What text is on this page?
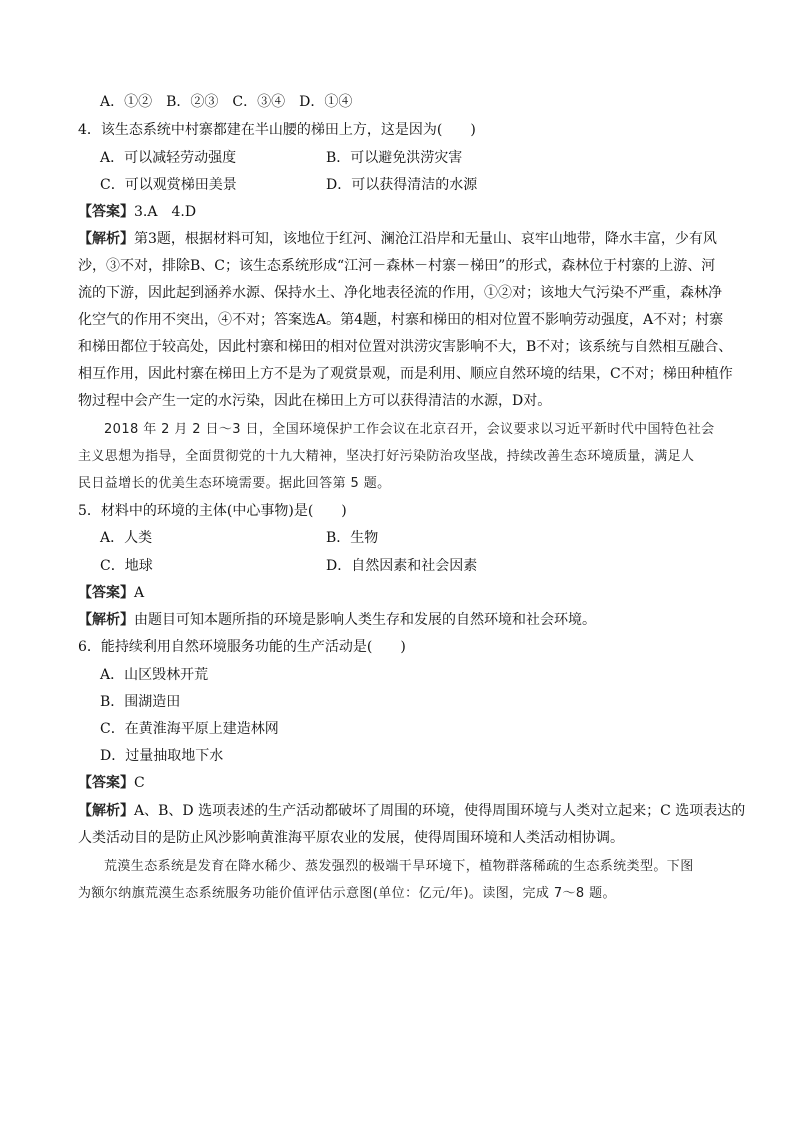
A．①②　B．②③　C．③④　D．①④
4．该生态系统中村寨都建在半山腰的梯田上方，这是因为(　　)
A．可以减轻劳动强度	B．可以避免洪涝灾害
C．可以观赏梯田美景	D．可以获得清洁的水源
【答案】3.A　4.D
【解析】第3题，根据材料可知，该地位于红河、澜沧江沿岸和无量山、哀牢山地带，降水丰富，少有风
沙，③不对，排除B、C；该生态系统形成“江河－森林－村寨－梯田”的形式，森林位于村寨的上游、河
流的下游，因此起到涵养水源、保持水土、净化地表径流的作用，①②对；该地大气污染不严重，森林净
化空气的作用不突出，④不对；答案选A。第4题，村寨和梯田的相对位置不影响劳动强度，A不对；村寨
和梯田都位于较高处，因此村寨和梯田的相对位置对洪涝灾害影响不大，B不对；该系统与自然相互融合、
相互作用，因此村寨在梯田上方不是为了观赏景观，而是利用、顺应自然环境的结果，C不对；梯田种植作
物过程中会产生一定的水污染，因此在梯田上方可以获得清洁的水源，D对。
2018 年 2 月 2 日～3 日，全国环境保护工作会议在北京召开，会议要求以习近平新时代中国特色社会
主义思想为指导，全面贯彻党的十九大精神，坚决打好污染防治攻坚战，持续改善生态环境质量，满足人
民日益增长的优美生态环境需要。据此回答第 5 题。
5．材料中的环境的主体(中心事物)是(　　)
A．人类	B．生物
C．地球	D．自然因素和社会因素
【答案】A
【解析】由题目可知本题所指的环境是影响人类生存和发展的自然环境和社会环境。
6．能持续利用自然环境服务功能的生产活动是(　　)
A．山区毁林开荒
B．围湖造田
C．在黄淮海平原上建造林网
D．过量抽取地下水
【答案】C
【解析】A、B、D 选项表述的生产活动都破坏了周围的环境，使得周围环境与人类对立起来；C 选项表达的
人类活动目的是防止风沙影响黄淮海平原农业的发展，使得周围环境和人类活动相协调。
荒漠生态系统是发育在降水稀少、蒸发强烈的极端干旱环境下，植物群落稀疏的生态系统类型。下图
为额尔纳旗荒漠生态系统服务功能价值评估示意图(单位：亿元/年)。读图，完成 7～8 题。
